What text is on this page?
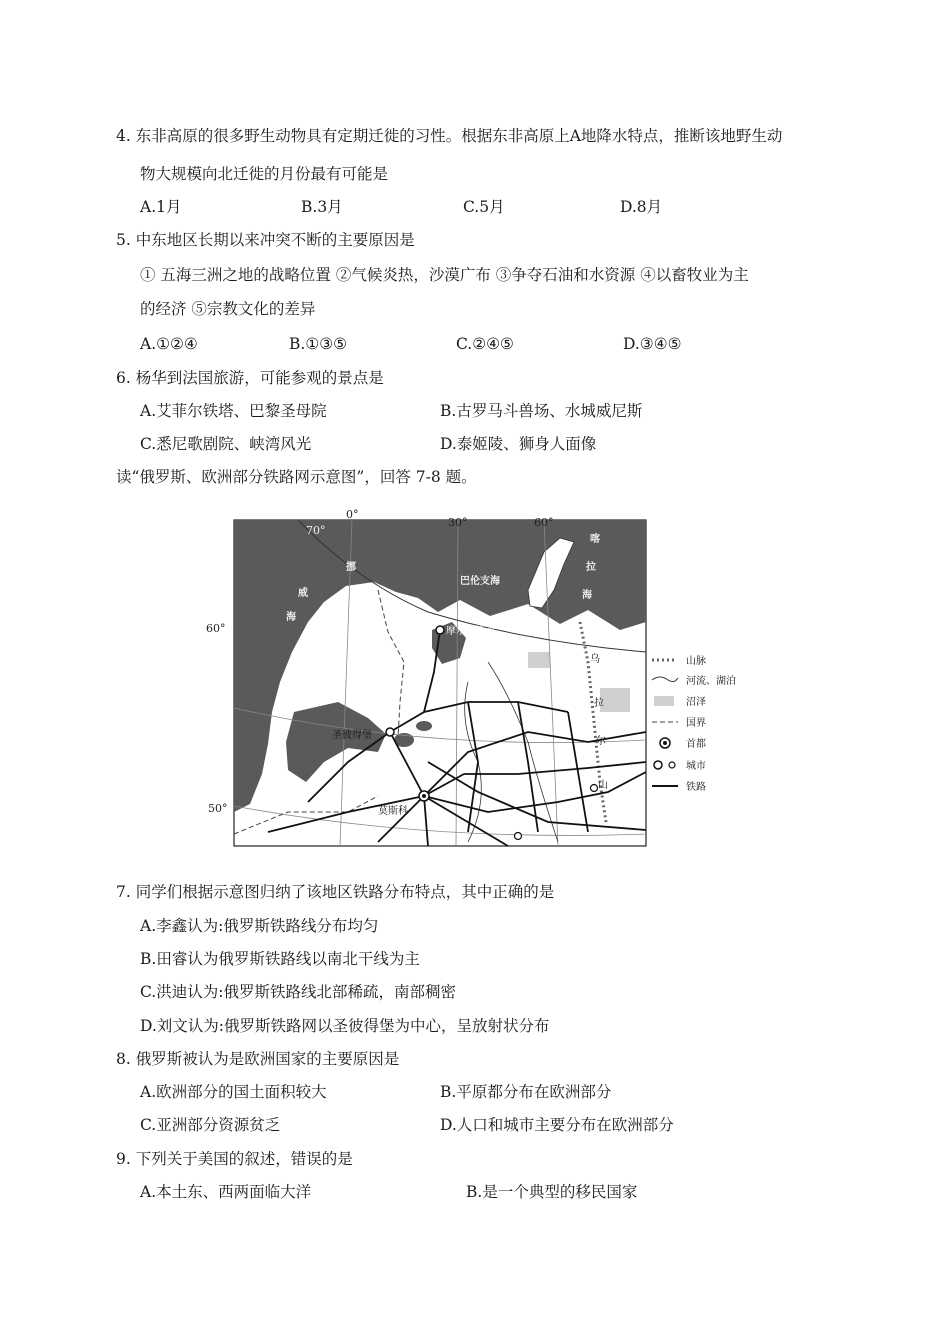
4. 东非高原的很多野生动物具有定期迁徙的习性。根据东非高原上A地降水特点，推断该地野生动
物大规模向北迁徙的月份最有可能是
A.1月	B.3月	C.5月	D.8月
5. 中东地区长期以来冲突不断的主要原因是
① 五海三洲之地的战略位置 ②气候炎热，沙漠广布 ③争夺石油和水资源 ④以畜牧业为主
的经济 ⑤宗教文化的差异
A.①②④	B.①③⑤	C.②④⑤	D.③④⑤
6. 杨华到法国旅游，可能参观的景点是
A.艾菲尔铁塔、巴黎圣母院	B.古罗马斗兽场、水城威尼斯
C.悉尼歌剧院、峡湾风光	D.泰姬陵、狮身人面像
读“俄罗斯、欧洲部分铁路网示意图”，回答 7-8 题。
0°
30°	60°
60°
50°
70°
挪
威
海
巴伦支海
喀
拉
海
乌
拉
尔
山
摩尔曼斯克
圣彼得堡
莫斯科
山脉
河流、湖泊
沼泽
国界
首都
城市
铁路
7. 同学们根据示意图归纳了该地区铁路分布特点，其中正确的是
A.李鑫认为:俄罗斯铁路线分布均匀
B.田睿认为俄罗斯铁路线以南北干线为主
C.洪迪认为:俄罗斯铁路线北部稀疏，南部稠密
D.刘文认为:俄罗斯铁路网以圣彼得堡为中心，呈放射状分布
8. 俄罗斯被认为是欧洲国家的主要原因是
A.欧洲部分的国土面积较大	B.平原都分布在欧洲部分
C.亚洲部分资源贫乏	D.人口和城市主要分布在欧洲部分
9. 下列关于美国的叙述，错误的是
A.本土东、西两面临大洋	B.是一个典型的移民国家
